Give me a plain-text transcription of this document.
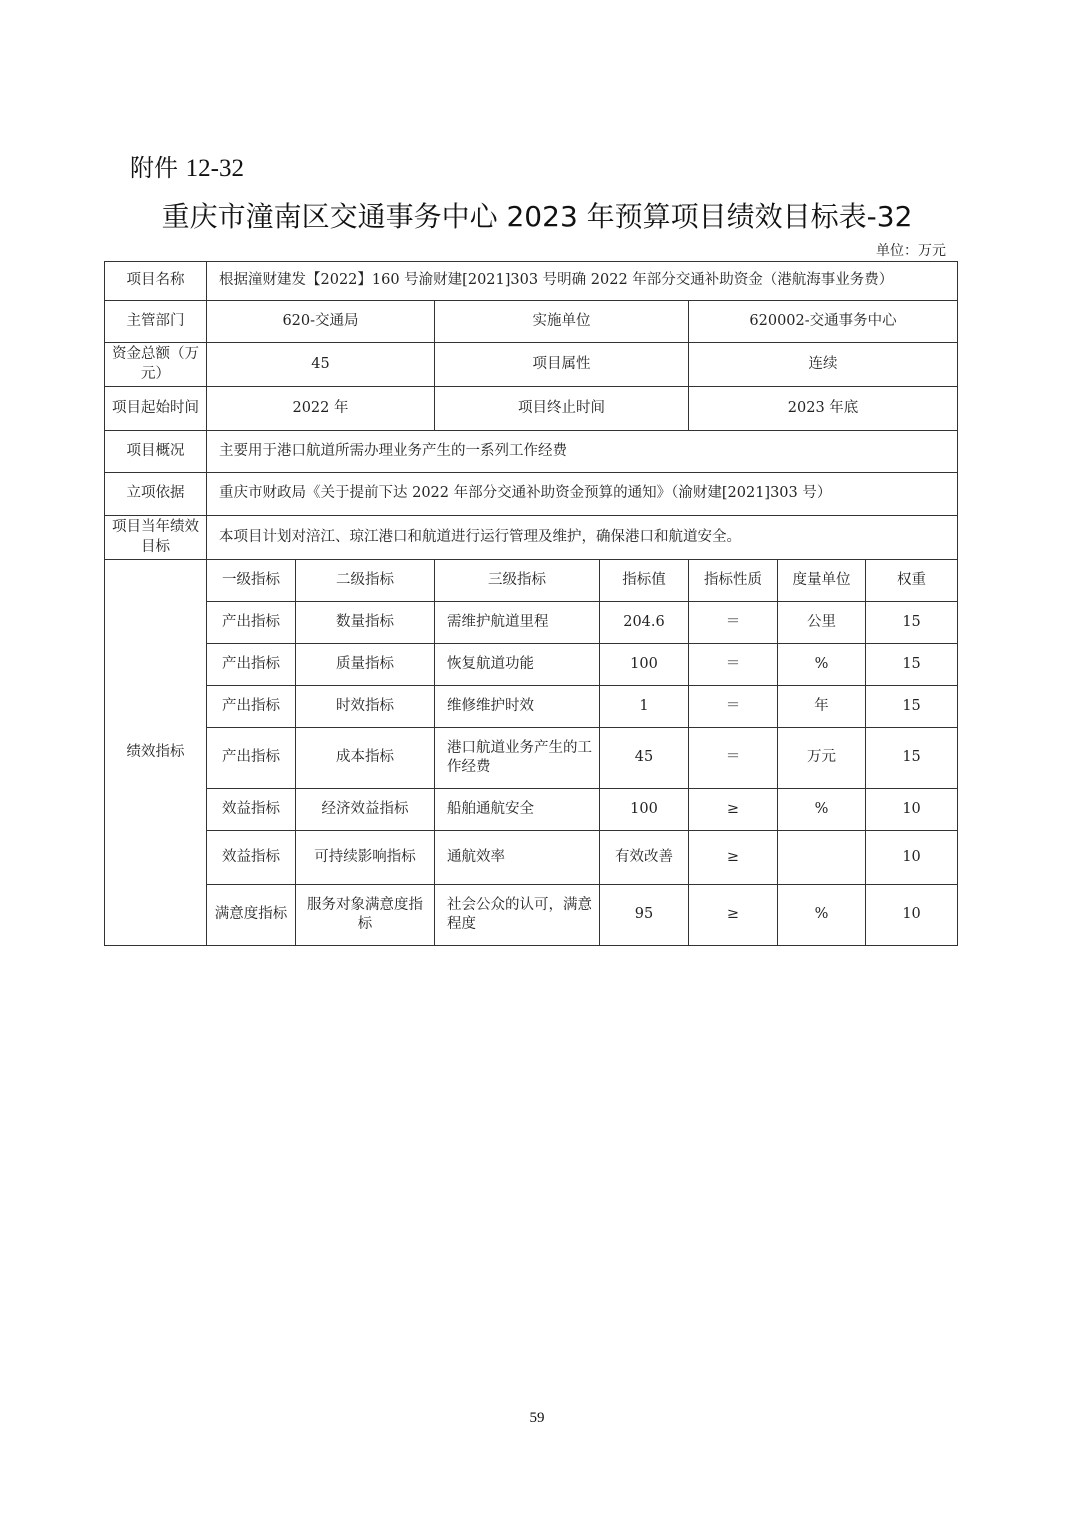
附件 12-32
重庆市潼南区交通事务中心 2023 年预算项目绩效目标表-32
单位：万元
项目名称	根据潼财建发【2022】160 号渝财建[2021]303 号明确 2022 年部分交通补助资金（港航海事业务费）						
主管部门	620-交通局		实施单位		620002-交通事务中心		
资金总额（万元）	45		项目属性		连续		
项目起始时间	2022 年		项目终止时间		2023 年底		
项目概况	主要用于港口航道所需办理业务产生的一系列工作经费						
立项依据	重庆市财政局《关于提前下达 2022 年部分交通补助资金预算的通知》（渝财建[2021]303 号）						
项目当年绩效目标	本项目计划对涪江、琼江港口和航道进行运行管理及维护，确保港口和航道安全。						
绩效指标	一级指标	二级指标	三级指标	指标值	指标性质	度量单位	权重
	产出指标	数量指标	需维护航道里程	204.6	＝	公里	15
	产出指标	质量指标	恢复航道功能	100	＝	%	15
	产出指标	时效指标	维修维护时效	1	＝	年	15
	产出指标	成本指标	港口航道业务产生的工作经费	45	＝	万元	15
	效益指标	经济效益指标	船舶通航安全	100	≥	%	10
	效益指标	可持续影响指标	通航效率	有效改善	≥		10
	满意度指标	服务对象满意度指标	社会公众的认可，满意程度	95	≥	%	10
59
